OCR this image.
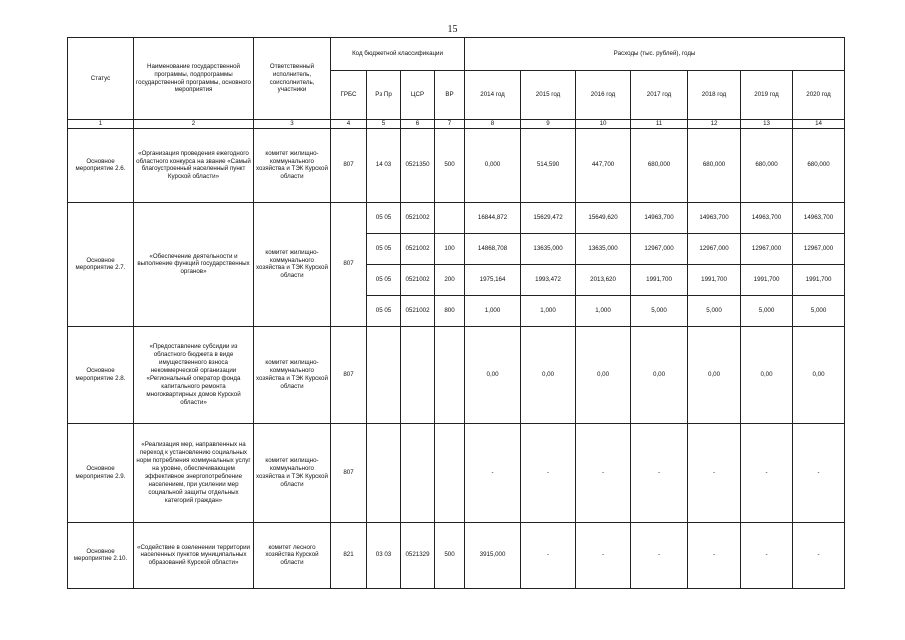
15
Статус	Наименование государственной программы, подпрограммы государственной программы, основного мероприятия	Ответственный исполнитель, соисполнитель, участники	Код бюджетной классификации				Расходы (тыс. рублей), годы						
			ГРБС	Рз Пр	ЦСР	ВР	2014 год	2015 год	2016 год	2017 год	2018 год	2019 год	2020 год
1	2	3	4	5	6	7	8	9	10	11	12	13	14
Основное мероприятие 2.6.	«Организация проведения ежегодного областного конкурса на звание «Самый благоустроенный населенный пункт Курской области»	комитет жилищно-коммунального хозяйства и ТЭК Курской области	807	14 03	0521350	500	0,000	514,590	447,700	680,000	680,000	680,000	680,000
Основное мероприятие 2.7.	«Обеспечение деятельности и выполнение функций государственных органов»	комитет жилищно-коммунального хозяйства и ТЭК Курской области	807	05 05	0521002		16844,872	15629,472	15649,620	14963,700	14963,700	14963,700	14963,700
				05 05	0521002	100	14868,708	13635,000	13635,000	12967,000	12967,000	12967,000	12967,000
				05 05	0521002	200	1975,164	1993,472	2013,620	1991,700	1991,700	1991,700	1991,700
				05 05	0521002	800	1,000	1,000	1,000	5,000	5,000	5,000	5,000
Основное мероприятие 2.8.	«Предоставление субсидии из областного бюджета в виде имущественного взноса некоммерческой организации «Региональный оператор фонда капитального ремонта многоквартирных домов Курской области»	комитет жилищно-коммунального хозяйства и ТЭК Курской области	807				0,00	0,00	0,00	0,00	0,00	0,00	0,00
Основное мероприятие 2.9.	«Реализация мер, направленных на переход к установлению социальных норм потребления коммунальных услуг на уровне, обеспечивающем эффективное энергопотребление населением, при усилении мер социальной защиты отдельных категорий граждан»	комитет жилищно-коммунального хозяйства и ТЭК Курской области	807				-	-	-	-	-	-	-
Основное мероприятие 2.10.	«Содействие в озеленении территории населенных пунктов муниципальных образований Курской области»	комитет лесного хозяйства Курской области	821	03 03	0521329	500	3915,000	-	-	-	-	-	-
